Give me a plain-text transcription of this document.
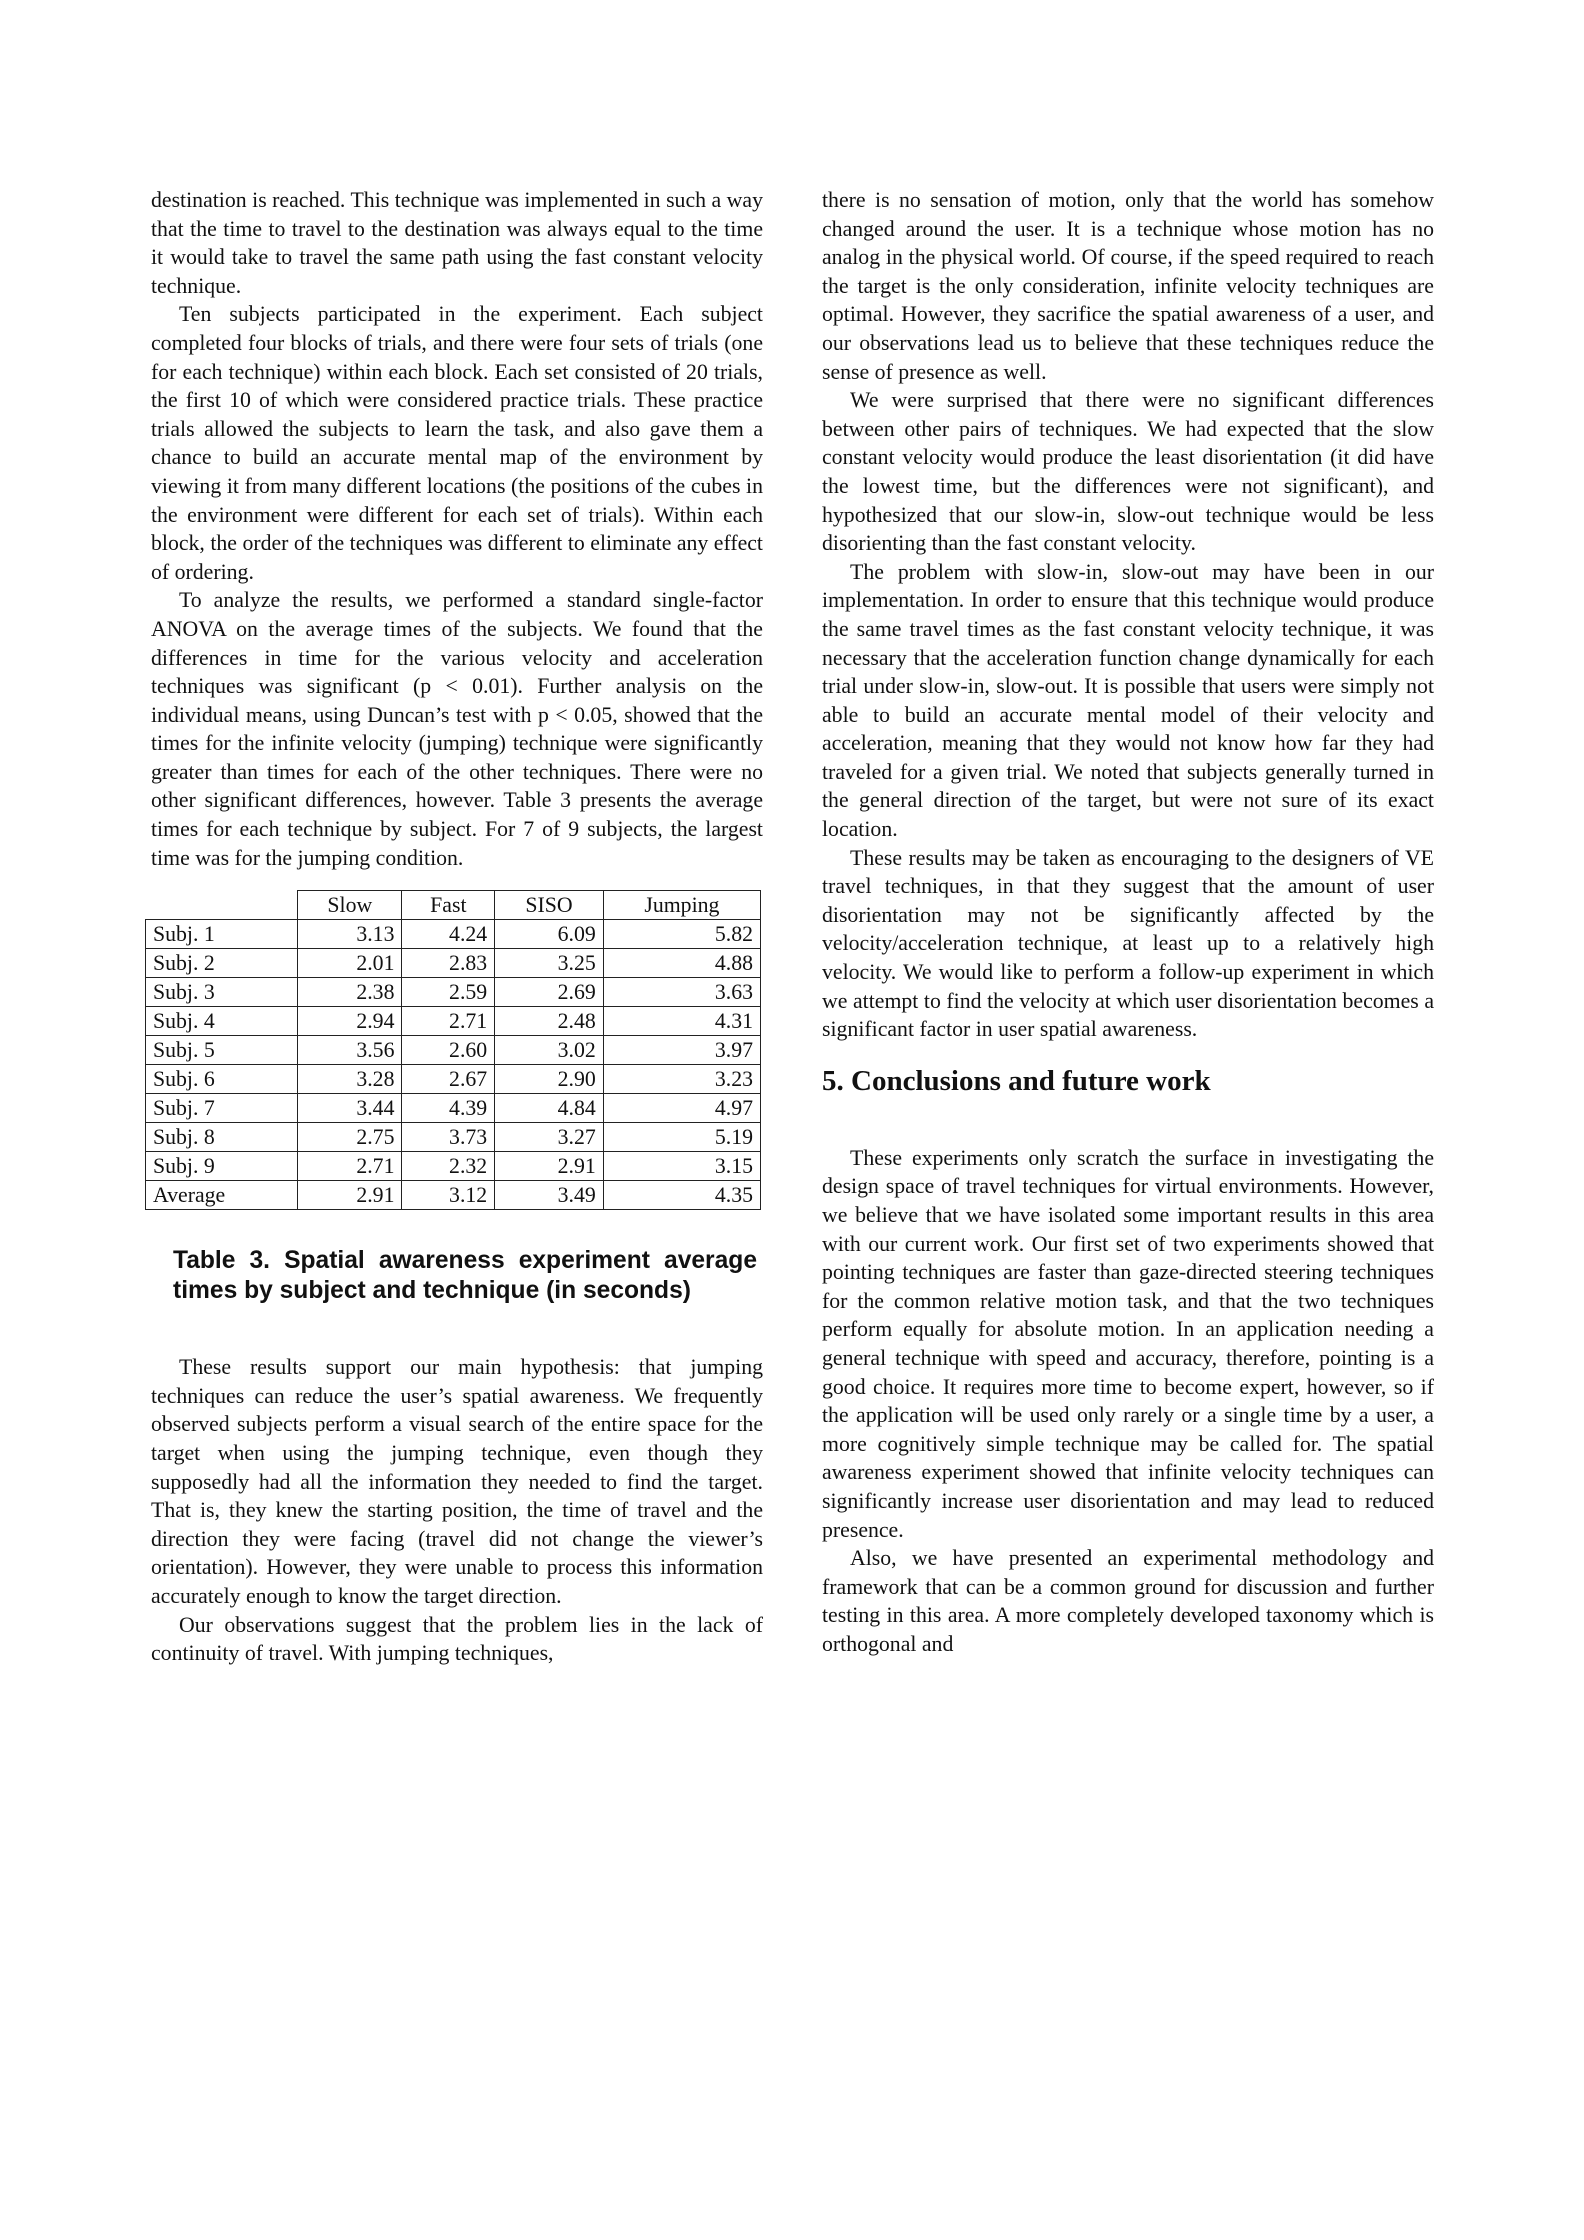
destination is reached. This technique was implemented in such a way that the time to travel to the destination was always equal to the time it would take to travel the same path using the fast constant velocity technique.

Ten subjects participated in the experiment. Each subject completed four blocks of trials, and there were four sets of trials (one for each technique) within each block. Each set consisted of 20 trials, the first 10 of which were considered practice trials. These practice trials allowed the subjects to learn the task, and also gave them a chance to build an accurate mental map of the environment by viewing it from many different locations (the positions of the cubes in the environment were different for each set of trials). Within each block, the order of the techniques was different to eliminate any effect of ordering.

To analyze the results, we performed a standard single-factor ANOVA on the average times of the subjects. We found that the differences in time for the various velocity and acceleration techniques was significant (p < 0.01). Further analysis on the individual means, using Duncan’s test with p < 0.05, showed that the times for the infinite velocity (jumping) technique were significantly greater than times for each of the other techniques. There were no other significant differences, however. Table 3 presents the average times for each technique by subject. For 7 of 9 subjects, the largest time was for the jumping condition.

	Slow	Fast	SISO	Jumping
Subj. 1	3.13	4.24	6.09	5.82
Subj. 2	2.01	2.83	3.25	4.88
Subj. 3	2.38	2.59	2.69	3.63
Subj. 4	2.94	2.71	2.48	4.31
Subj. 5	3.56	2.60	3.02	3.97
Subj. 6	3.28	2.67	2.90	3.23
Subj. 7	3.44	4.39	4.84	4.97
Subj. 8	2.75	3.73	3.27	5.19
Subj. 9	2.71	2.32	2.91	3.15
Average	2.91	3.12	3.49	4.35
Table 3. Spatial awareness experiment average times by subject and technique (in seconds)

These results support our main hypothesis: that jumping techniques can reduce the user’s spatial awareness. We frequently observed subjects perform a visual search of the entire space for the target when using the jumping technique, even though they supposedly had all the information they needed to find the target. That is, they knew the starting position, the time of travel and the direction they were facing (travel did not change the viewer’s orientation). However, they were unable to process this information accurately enough to know the target direction.

Our observations suggest that the problem lies in the lack of continuity of travel. With jumping techniques,

there is no sensation of motion, only that the world has somehow changed around the user. It is a technique whose motion has no analog in the physical world. Of course, if the speed required to reach the target is the only consideration, infinite velocity techniques are optimal. However, they sacrifice the spatial awareness of a user, and our observations lead us to believe that these techniques reduce the sense of presence as well.

We were surprised that there were no significant differences between other pairs of techniques. We had expected that the slow constant velocity would produce the least disorientation (it did have the lowest time, but the differences were not significant), and hypothesized that our slow-in, slow-out technique would be less disorienting than the fast constant velocity.

The problem with slow-in, slow-out may have been in our implementation. In order to ensure that this technique would produce the same travel times as the fast constant velocity technique, it was necessary that the acceleration function change dynamically for each trial under slow-in, slow-out. It is possible that users were simply not able to build an accurate mental model of their velocity and acceleration, meaning that they would not know how far they had traveled for a given trial. We noted that subjects generally turned in the general direction of the target, but were not sure of its exact location.

These results may be taken as encouraging to the designers of VE travel techniques, in that they suggest that the amount of user disorientation may not be significantly affected by the velocity/acceleration technique, at least up to a relatively high velocity. We would like to perform a follow-up experiment in which we attempt to find the velocity at which user disorientation becomes a significant factor in user spatial awareness.

5. Conclusions and future work

These experiments only scratch the surface in investigating the design space of travel techniques for virtual environments. However, we believe that we have isolated some important results in this area with our current work. Our first set of two experiments showed that pointing techniques are faster than gaze-directed steering techniques for the common relative motion task, and that the two techniques perform equally for absolute motion. In an application needing a general technique with speed and accuracy, therefore, pointing is a good choice. It requires more time to become expert, however, so if the application will be used only rarely or a single time by a user, a more cognitively simple technique may be called for. The spatial awareness experiment showed that infinite velocity techniques can significantly increase user disorientation and may lead to reduced presence.

Also, we have presented an experimental methodology and framework that can be a common ground for discussion and further testing in this area. A more completely developed taxonomy which is orthogonal and
